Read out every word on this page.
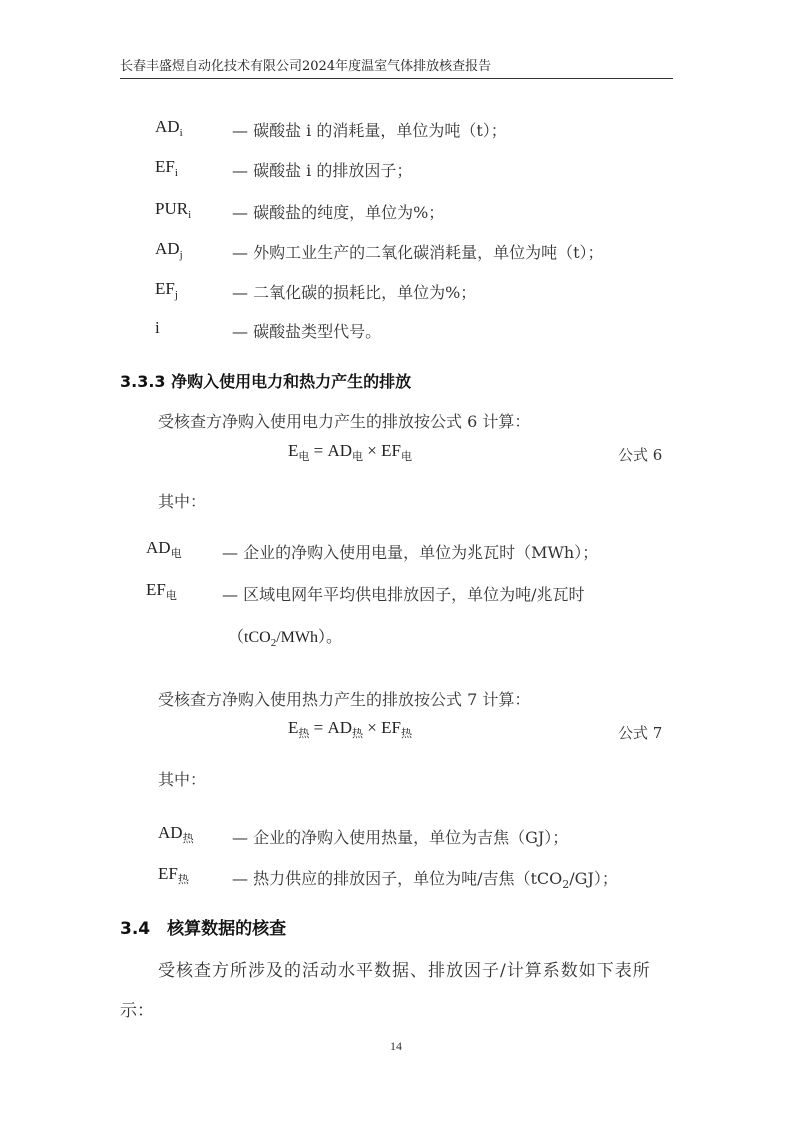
长春丰盛煜自动化技术有限公司2024年度温室气体排放核查报告
$AD_i$	— 碳酸盐 i 的消耗量，单位为吨（t）；
$EF_i$	— 碳酸盐 i 的排放因子；
$PUR_i$	— 碳酸盐的纯度，单位为%；
$AD_j$	— 外购工业生产的二氧化碳消耗量，单位为吨（t）；
$EF_j$	— 二氧化碳的损耗比，单位为%；
i	— 碳酸盐类型代号。
3.3.3 净购入使用电力和热力产生的排放
受核查方净购入使用电力产生的排放按公式 6 计算：
$E_电 = AD_电 \times EF_电$	公式 6
其中：
$AD_电$	— 企业的净购入使用电量，单位为兆瓦时（MWh）；
$EF_电$	— 区域电网年平均供电排放因子，单位为吨/兆瓦时
（tCO$_2$/MWh）。
受核查方净购入使用热力产生的排放按公式 7 计算：
$E_热 = AD_热 \times EF_热$	公式 7
其中：
$AD_热$ — 企业的净购入使用热量，单位为吉焦（GJ）；
$EF_热$	— 热力供应的排放因子，单位为吨/吉焦（tCO$_2$/GJ）；
3.4　核算数据的核查
受核查方所涉及的活动水平数据、排放因子/计算系数如下表所
示：
14
